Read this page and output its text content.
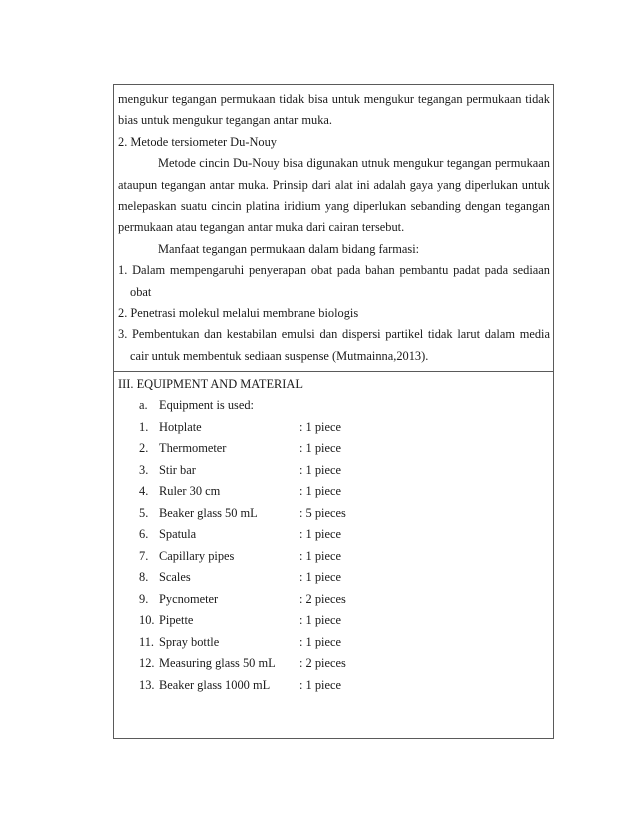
mengukur tegangan permukaan tidak bisa untuk mengukur tegangan permukaan tidak

bias untuk mengukur tegangan antar muka.

2. Metode tersiometer Du-Nouy

Metode cincin Du-Nouy bisa digunakan utnuk mengukur tegangan permukaan

ataupun tegangan antar muka. Prinsip dari alat ini adalah gaya yang diperlukan untuk

melepaskan suatu cincin platina iridium yang diperlukan sebanding dengan tegangan

permukaan atau tegangan antar muka dari cairan tersebut.

Manfaat tegangan permukaan dalam bidang farmasi:

1. Dalam mempengaruhi penyerapan obat pada bahan pembantu padat pada sediaan

obat

2. Penetrasi molekul melalui membrane biologis

3. Pembentukan dan kestabilan emulsi dan dispersi partikel tidak larut dalam media

cair untuk membentuk sediaan suspense (Mutmainna,2013).

III. EQUIPMENT AND MATERIAL

a. Equipment is used:
1. Hotplate	: 1 piece
2. Thermometer	: 1 piece
3. Stir bar	: 1 piece
4. Ruler 30 cm	: 1 piece
5. Beaker glass 50 mL	: 5 pieces
6. Spatula	: 1 piece
7. Capillary pipes	: 1 piece
8. Scales	: 1 piece
9. Pycnometer	: 2 pieces
10. Pipette	: 1 piece
11. Spray bottle	: 1 piece
12. Measuring glass 50 mL	: 2 pieces
13. Beaker glass 1000 mL	: 1 piece
